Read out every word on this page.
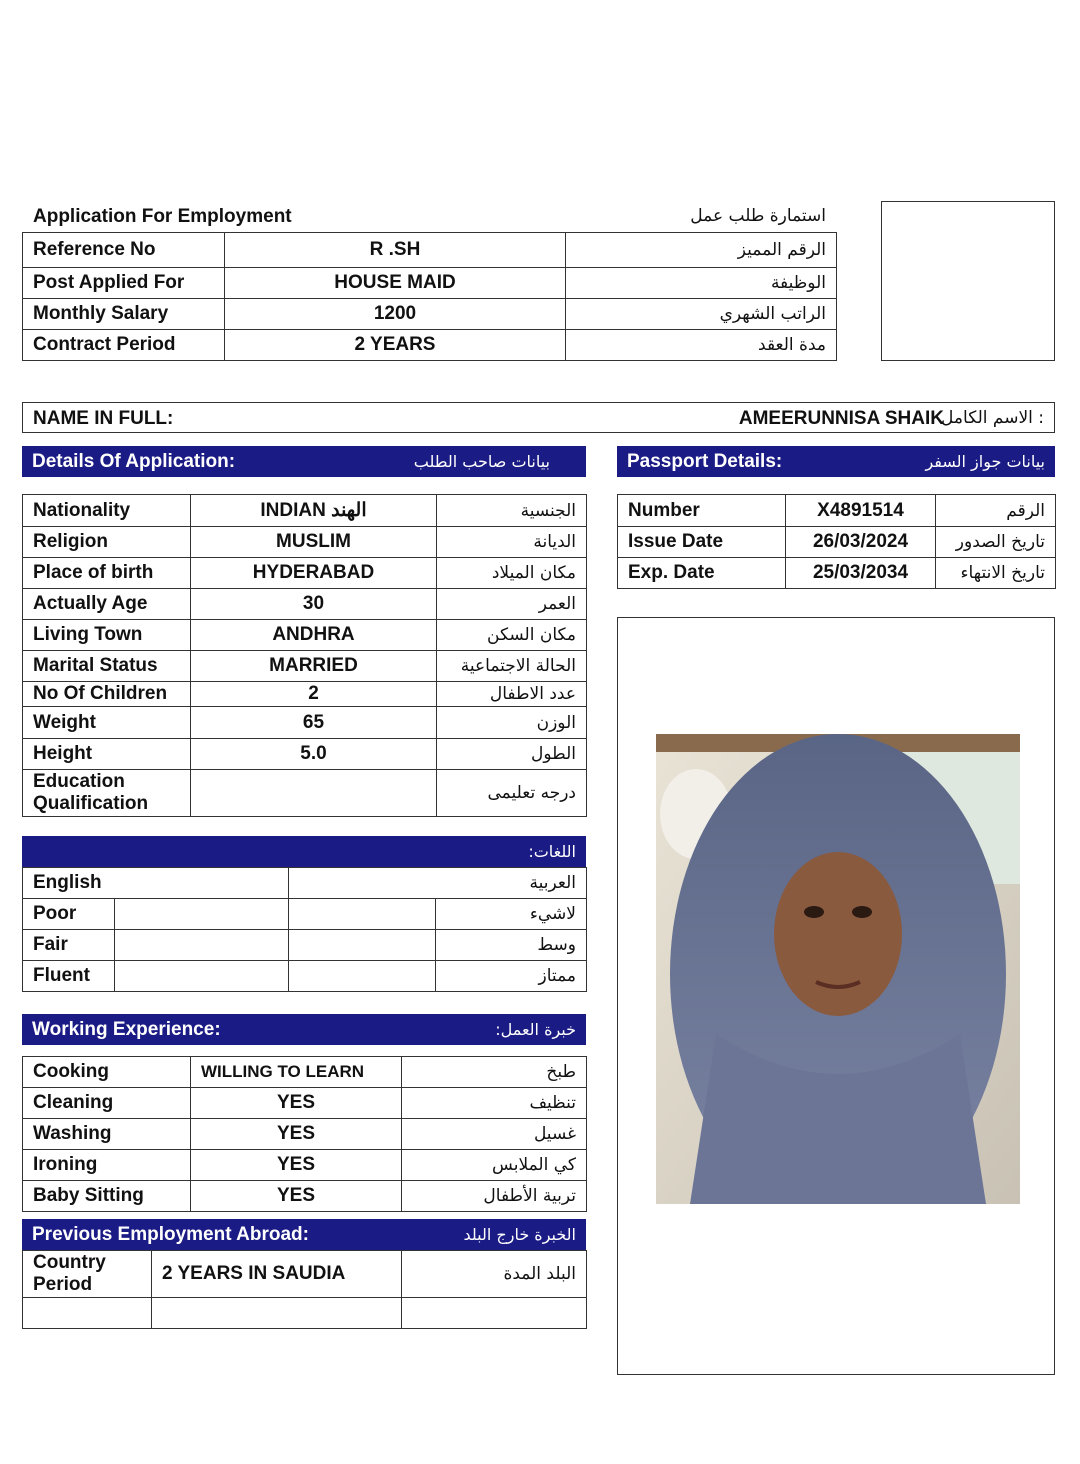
Application For Employment	استمارة طلب عمل
Reference No	R .SH	الرقم المميز
Post Applied For	HOUSE MAID	الوظيفة
Monthly Salary	1200	الراتب الشهري
Contract Period	2 YEARS	مدة العقد
NAME IN FULL:	AMEERUNNISA SHAIK
: الاسم الكامل
Details Of Application:	بيانات صاحب الطلب	Passport Details:	بيانات جواز السفر
Nationality	INDIAN الهند	الجنسية
Religion	MUSLIM	الديانة
Place of birth	HYDERABAD	مكان الميلاد
Actually Age	30	العمر
Living Town	ANDHRA	مكان السكن
Marital Status	MARRIED	الحالة الاجتماعية
No Of Children	2	عدد الاطفال
Weight	65	الوزن
Height	5.0	الطول
Education Qualification		درجه تعليمى
Number	X4891514	الرقم
Issue Date	26/03/2024	تاريخ الصدور
Exp. Date	25/03/2034	تاريخ الانتهاء
اللغات:
English		العربية	
Poor			لاشيء
Fair			وسط
Fluent			ممتاز
Working Experience:	خبرة العمل:
Cooking	WILLING TO LEARN	طبخ
Cleaning	YES	تنظيف
Washing	YES	غسيل
Ironing	YES	كي الملابس
Baby Sitting	YES	تربية الأطفال
Previous Employment Abroad:	الخبرة خارج البلد
Country Period	2 YEARS IN SAUDIA	البلد المدة
